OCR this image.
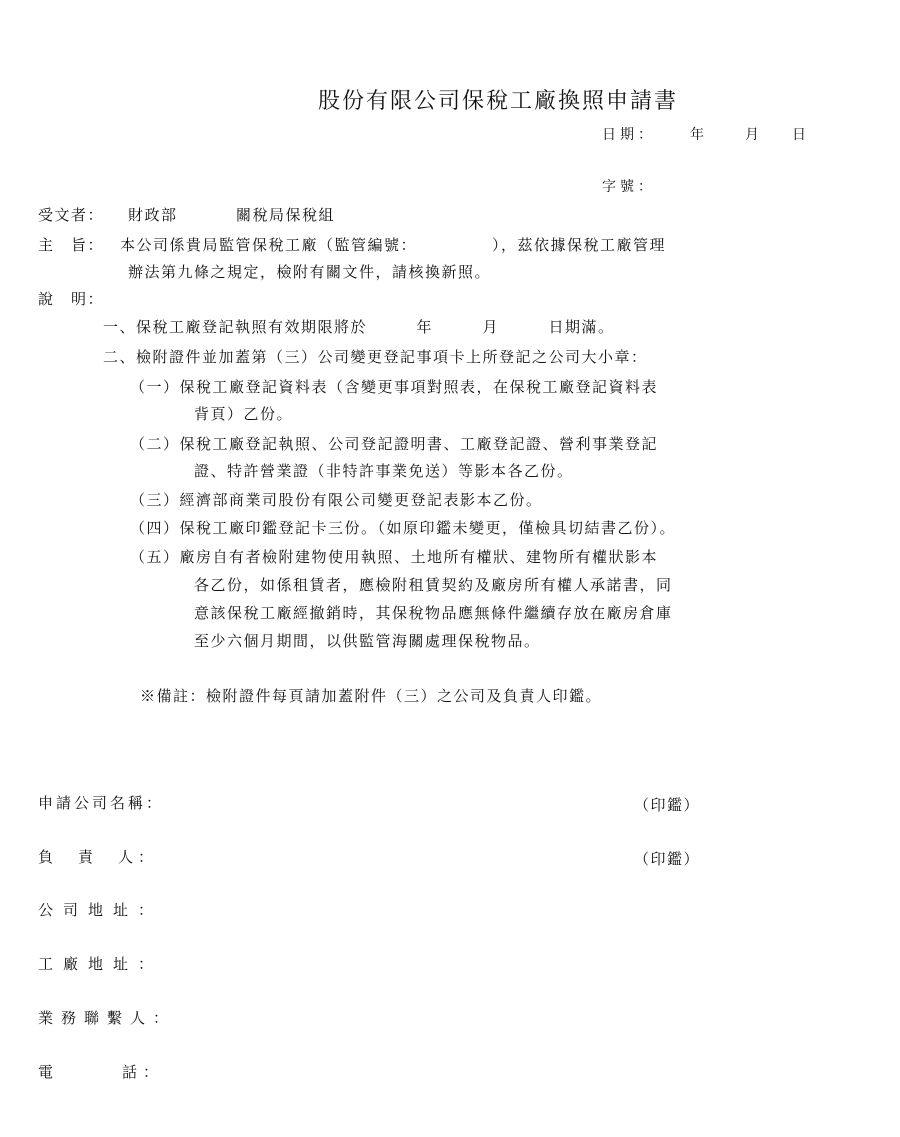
股份有限公司保稅工廠換照申請書
日期： 年	月 日
字號：
受文者： 財政部	關稅局保稅組
主　旨： 本公司係貴局監管保稅工廠（監管編號：　　　　　），茲依據保稅工廠管理
辦法第九條之規定，檢附有關文件，請核換新照。
說　明：
一、保稅工廠登記執照有效期限將於　　　年　　　月　　　日期滿。
二、檢附證件並加蓋第（三）公司變更登記事項卡上所登記之公司大小章：
（一）保稅工廠登記資料表（含變更事項對照表，在保稅工廠登記資料表
背頁）乙份。
（二）保稅工廠登記執照、公司登記證明書、工廠登記證、營利事業登記
證、特許營業證（非特許事業免送）等影本各乙份。
（三）經濟部商業司股份有限公司變更登記表影本乙份。
（四）保稅工廠印鑑登記卡三份。（如原印鑑未變更，僅檢具切結書乙份）。
（五）廠房自有者檢附建物使用執照、土地所有權狀、建物所有權狀影本
各乙份，如係租賃者，應檢附租賃契約及廠房所有權人承諾書，同
意該保稅工廠經撤銷時，其保稅物品應無條件繼續存放在廠房倉庫
至少六個月期間，以供監管海關處理保稅物品。
※備註：檢附證件每頁請加蓋附件（三）之公司及負責人印鑑。
申請公司名稱：	（印鑑）
負　責　人：	（印鑑）
公司地址：
工廠地址：
業務聯繫人：
電　　　話：
